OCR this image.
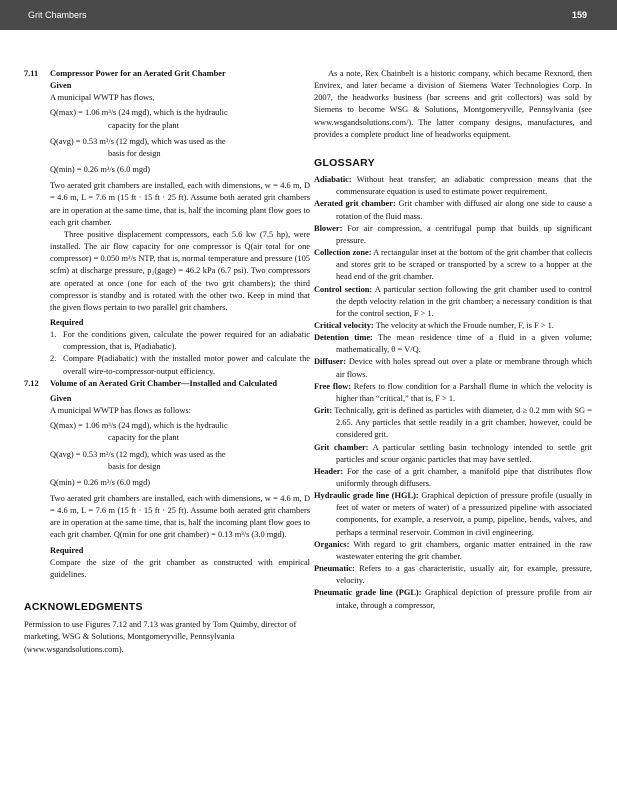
Grit Chambers	159
7.11	Compressor Power for an Aerated Grit Chamber

Given

A municipal WWTP has flows,

Q(max) = 1.06 m³/s (24 mgd), which is the hydraulic

capacity for the plant

Q(avg) = 0.53 m³/s (12 mgd), which was used as the

basis for design

Q(min) = 0.26 m³/s (6.0 mgd)

Two aerated grit chambers are installed, each with dimensions, w = 4.6 m, D = 4.6 m, L = 7.6 m (15 ft · 15 ft · 25 ft). Assume both aerated grit chambers are in operation at the same time, that is, half the incoming plant flow goes to each grit chamber.

Three positive displacement compressors, each 5.6 kw (7.5 hp), were installed. The air flow capacity for one compressor is Q(air total for one compressor) = 0.050 m³/s NTP, that is, normal temperature and pressure (105 scfm) at discharge pressure, p₂(gage) = 46.2 kPa (6.7 psi). Two compressors are operated at once (one for each of the two grit chambers); the third compressor is standby and is rotated with the other two. Keep in mind that the given flows pertain to two parallel grit chambers.

Required

1. For the conditions given, calculate the power required for an adiabatic compression, that is, P(adiabatic).
2. Compare P(adiabatic) with the installed motor power and calculate the overall wire-to-compressor-output efficiency.
7.12	Volume of an Aerated Grit Chamber—Installed and Calculated

Given

A municipal WWTP has flows as follows:

Q(max) = 1.06 m³/s (24 mgd), which is the hydraulic

capacity for the plant

Q(avg) = 0.53 m³/s (12 mgd), which was used as the

basis for design

Q(min) = 0.26 m³/s (6.0 mgd)

Two aerated grit chambers are installed, each with dimensions, w = 4.6 m, D = 4.6 m, L = 7.6 m (15 ft · 15 ft · 25 ft). Assume both aerated grit chambers are in operation at the same time, that is, half the incoming plant flow goes to each grit chamber. Q(min for one grit chamber) = 0.13 m³/s (3.0 mgd).

Required

Compare the size of the grit chamber as constructed with empirical guidelines.

ACKNOWLEDGMENTS

Permission to use Figures 7.12 and 7.13 was granted by Tom Quimby, director of marketing, WSG & Solutions, Montgomeryville, Pennsylvania (www.wsgandsolutions.com).

As a note, Rex Chainbelt is a historic company, which became Rexnord, then Envirex, and later became a division of Siemens Water Technologies Corp. In 2007, the headworks business (bar screens and grit collectors) was sold by Siemens to become WSG & Solutions, Montgomeryville, Pennsylvania (see www.wsgandsolutions.com/). The latter company designs, manufactures, and provides a complete product line of headworks equipment.

GLOSSARY

Adiabatic: Without heat transfer; an adiabatic compression means that the commensurate equation is used to estimate power requirement.

Aerated grit chamber: Grit chamber with diffused air along one side to cause a rotation of the fluid mass.

Blower: For air compression, a centrifugal pump that builds up significant pressure.

Collection zone: A rectangular inset at the bottom of the grit chamber that collects and stores grit to be scraped or transported by a screw to a hopper at the head end of the grit chamber.

Control section: A particular section following the grit chamber used to control the depth velocity relation in the grit chamber; a necessary condition is that for the control section, F > 1.

Critical velocity: The velocity at which the Froude number, F, is F > 1.

Detention time: The mean residence time of a fluid in a given volume; mathematically, θ = V/Q.

Diffuser: Device with holes spread out over a plate or membrane through which air flows.

Free flow: Refers to flow condition for a Parshall flume in which the velocity is higher than “critical,” that is, F > 1.

Grit: Technically, grit is defined as particles with diameter, d ≥ 0.2 mm with SG = 2.65. Any particles that settle readily in a grit chamber, however, could be considered grit.

Grit chamber: A particular settling basin technology intended to settle grit particles and scour organic particles that may have settled.

Header: For the case of a grit chamber, a manifold pipe that distributes flow uniformly through diffusers.

Hydraulic grade line (HGL): Graphical depiction of pressure profile (usually in feet of water or meters of water) of a pressurized pipeline with associated components, for example, a reservoir, a pump, pipeline, bends, valves, and perhaps a terminal reservoir. Common in civil engineering.

Organics: With regard to grit chambers, organic matter entrained in the raw wastewater entering the grit chamber.

Pneumatic: Refers to a gas characteristic, usually air, for example, pressure, velocity.

Pneumatic grade line (PGL): Graphical depiction of pressure profile from air intake, through a compressor,
